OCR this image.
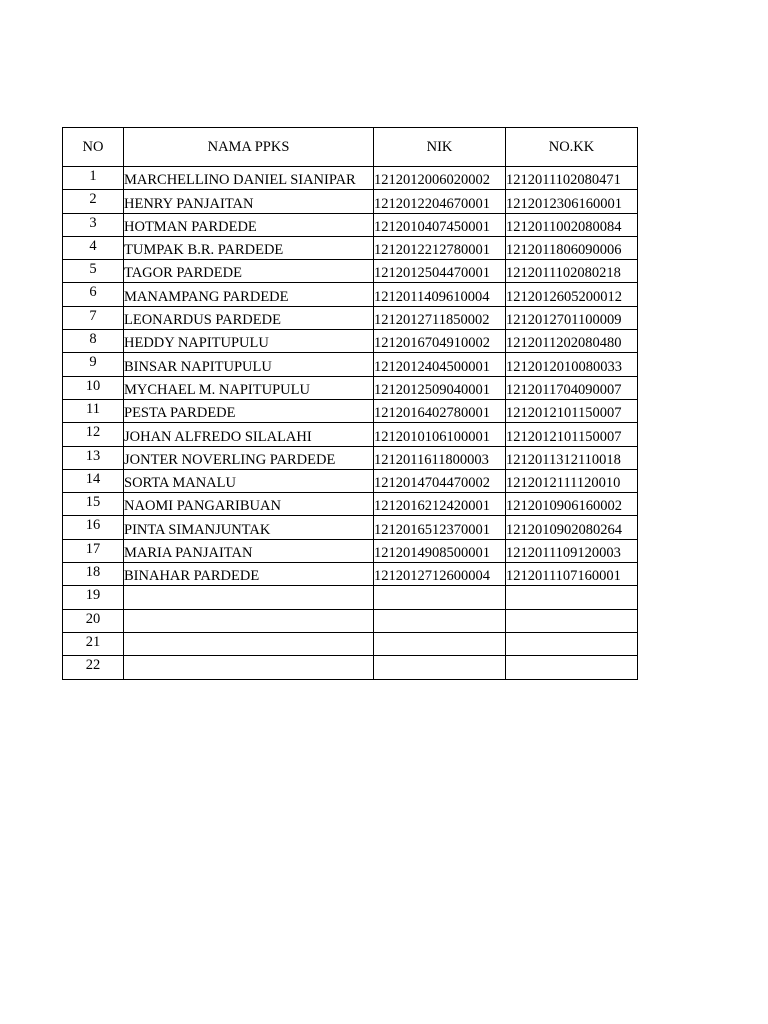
NO	NAMA PPKS	NIK	NO.KK
1	MARCHELLINO DANIEL SIANIPAR	1212012006020002	1212011102080471
2	HENRY PANJAITAN	1212012204670001	1212012306160001
3	HOTMAN PARDEDE	1212010407450001	1212011002080084
4	TUMPAK B.R. PARDEDE	1212012212780001	1212011806090006
5	TAGOR PARDEDE	1212012504470001	1212011102080218
6	MANAMPANG PARDEDE	1212011409610004	1212012605200012
7	LEONARDUS PARDEDE	1212012711850002	1212012701100009
8	HEDDY NAPITUPULU	1212016704910002	1212011202080480
9	BINSAR NAPITUPULU	1212012404500001	1212012010080033
10	MYCHAEL M. NAPITUPULU	1212012509040001	1212011704090007
11	PESTA PARDEDE	1212016402780001	1212012101150007
12	JOHAN ALFREDO SILALAHI	1212010106100001	1212012101150007
13	JONTER NOVERLING PARDEDE	1212011611800003	1212011312110018
14	SORTA MANALU	1212014704470002	1212012111120010
15	NAOMI PANGARIBUAN	1212016212420001	1212010906160002
16	PINTA SIMANJUNTAK	1212016512370001	1212010902080264
17	MARIA PANJAITAN	1212014908500001	1212011109120003
18	BINAHAR PARDEDE	1212012712600004	1212011107160001
19			
20			
21			
22			
